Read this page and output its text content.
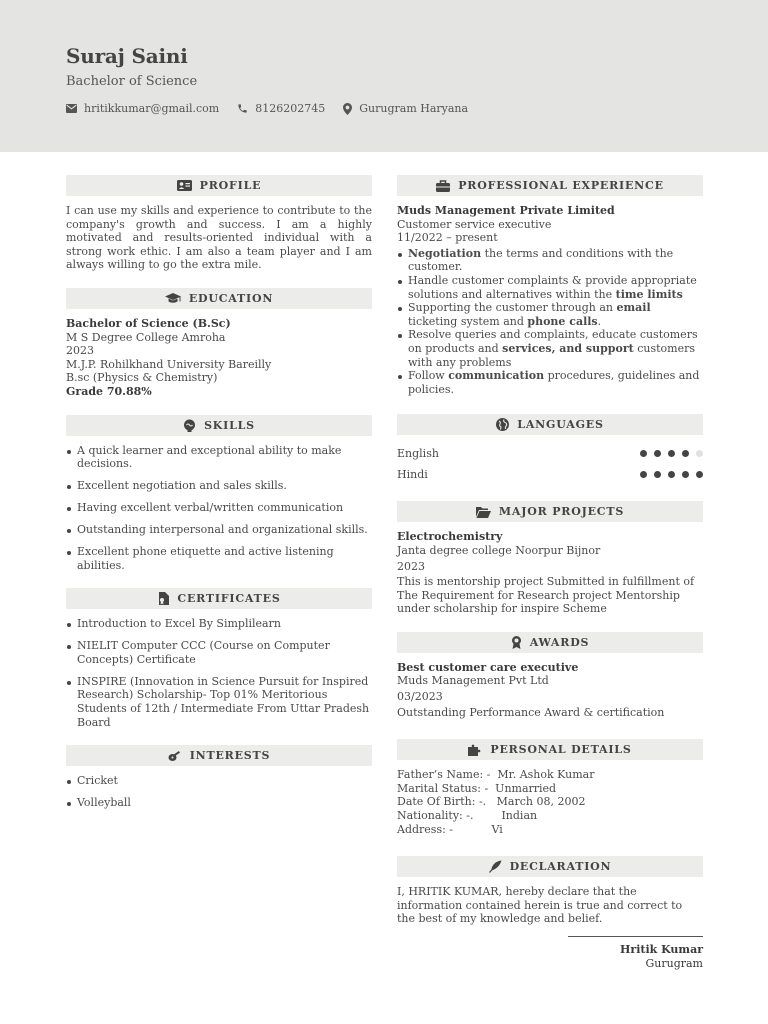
Suraj Saini
Bachelor of Science
hritikkumar@gmail.com	8126202745	Gurugram Haryana
PROFILE

I can use my skills and experience to contribute to the company's growth and success. I am a highly motivated and results-oriented individual with a strong work ethic. I am also a team player and I am always willing to go the extra mile.

EDUCATION
Bachelor of Science (B.Sc)
M S Degree College Amroha
2023
M.J.P. Rohilkhand University Bareilly
B.sc (Physics & Chemistry)
Grade 70.88%
SKILLS
A quick learner and exceptional ability to make decisions.
Excellent negotiation and sales skills.
Having excellent verbal/written communication
Outstanding interpersonal and organizational skills.
Excellent phone etiquette and active listening abilities.
CERTIFICATES
Introduction to Excel By Simplilearn
NIELIT Computer CCC (Course on Computer Concepts) Certificate
INSPIRE (Innovation in Science Pursuit for Inspired Research) Scholarship- Top 01% Meritorious Students of 12th / Intermediate From Uttar Pradesh Board
INTERESTS
Cricket
Volleyball
PROFESSIONAL EXPERIENCE
Muds Management Private Limited
Customer service executive
11/2022 – present
Negotiation the terms and conditions with the customer.
Handle customer complaints & provide appropriate solutions and alternatives within the time limits
Supporting the customer through an email ticketing system and phone calls.
Resolve queries and complaints, educate customers on products and services, and support customers with any problems
Follow communication procedures, guidelines and policies.
LANGUAGES
English
Hindi
MAJOR PROJECTS
Electrochemistry
Janta degree college Noorpur Bijnor
2023
This is mentorship project Submitted in fulfillment of The Requirement for Research project Mentorship under scholarship for inspire Scheme
AWARDS
Best customer care executive
Muds Management Pvt Ltd
03/2023
Outstanding Performance Award & certification
PERSONAL DETAILS
Father’s Name: - Mr. Ashok Kumar
Marital Status: - Unmarried
Date Of Birth: -. March 08, 2002
Nationality: -. Indian
Address: - Vi
DECLARATION

I, HRITIK KUMAR, hereby declare that the information contained herein is true and correct to the best of my knowledge and belief.

Hritik Kumar
Gurugram
